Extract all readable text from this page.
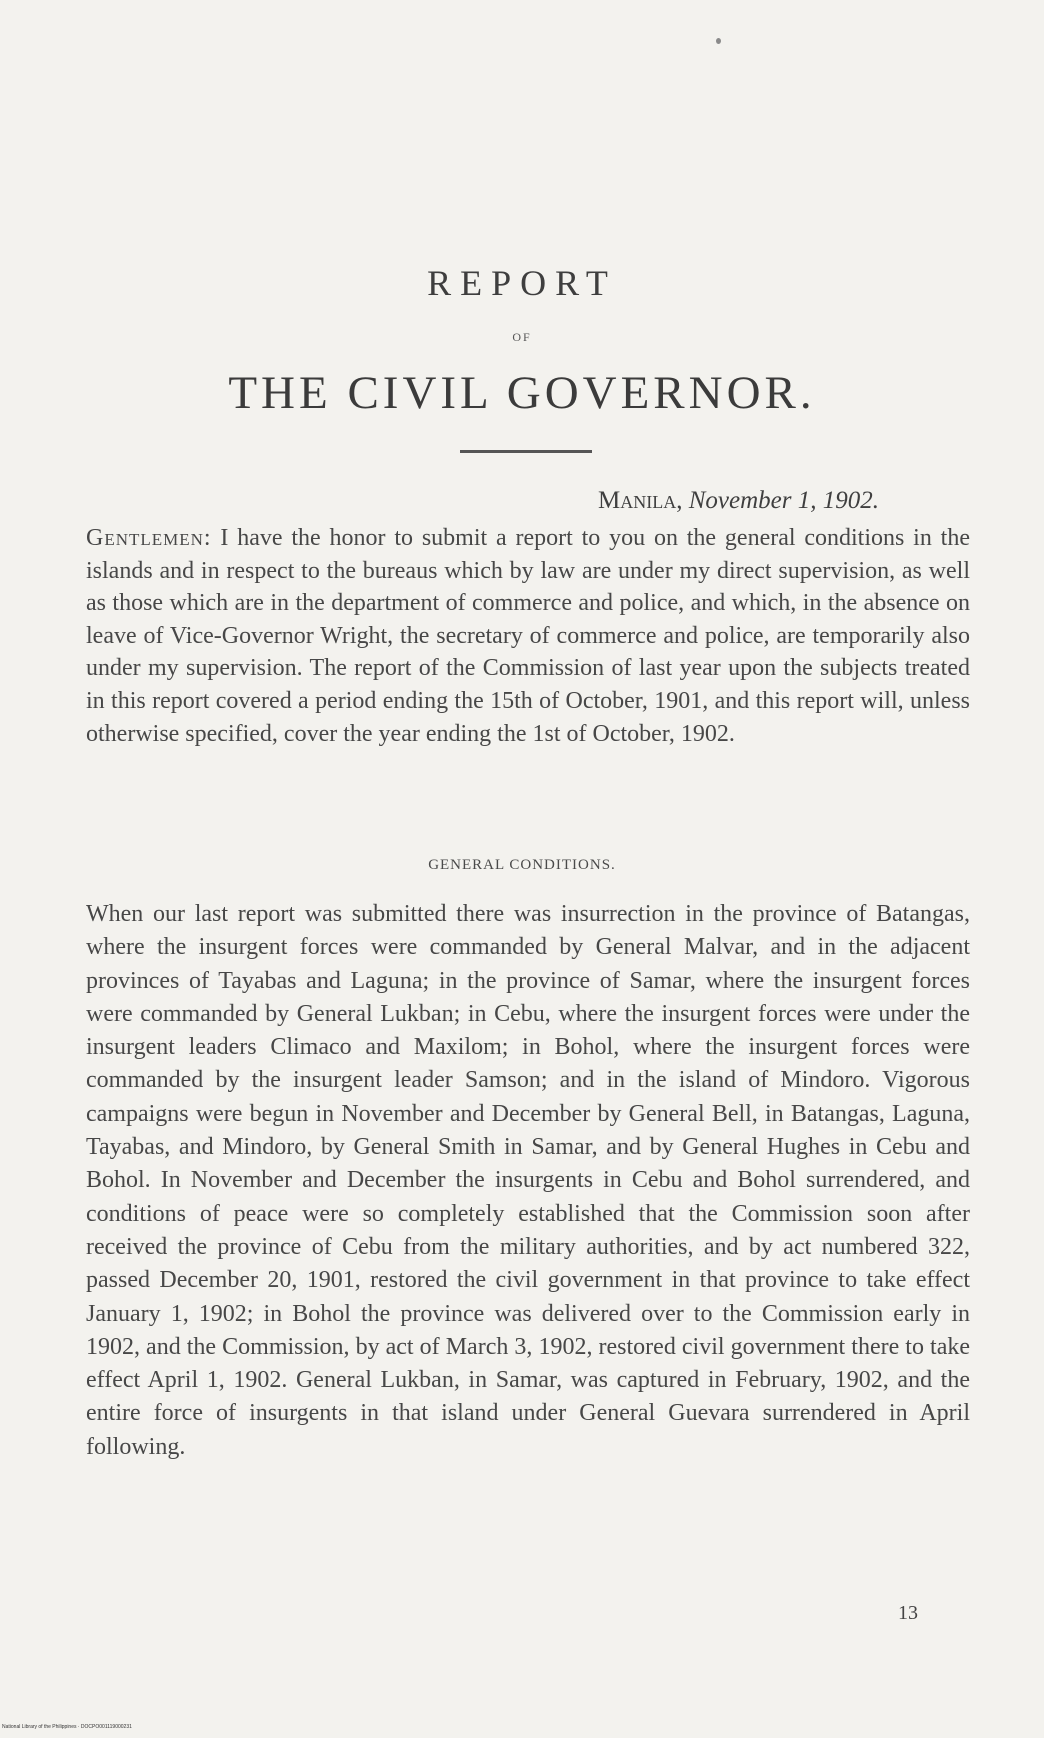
REPORT
OF
THE CIVIL GOVERNOR.
Manila, November 1, 1902.
Gentlemen: I have the honor to submit a report to you on the general conditions in the islands and in respect to the bureaus which by law are under my direct supervision, as well as those which are in the department of commerce and police, and which, in the absence on leave of Vice-Governor Wright, the secretary of commerce and police, are temporarily also under my supervision. The report of the Commission of last year upon the subjects treated in this report covered a period ending the 15th of October, 1901, and this report will, unless otherwise specified, cover the year ending the 1st of October, 1902.
GENERAL CONDITIONS.
When our last report was submitted there was insurrection in the province of Batangas, where the insurgent forces were commanded by General Malvar, and in the adjacent provinces of Tayabas and Laguna; in the province of Samar, where the insurgent forces were commanded by General Lukban; in Cebu, where the insurgent forces were under the insurgent leaders Climaco and Maxilom; in Bohol, where the insurgent forces were commanded by the insurgent leader Samson; and in the island of Mindoro. Vigorous campaigns were begun in November and December by General Bell, in Batangas, Laguna, Tayabas, and Mindoro, by General Smith in Samar, and by General Hughes in Cebu and Bohol. In November and December the insurgents in Cebu and Bohol surrendered, and conditions of peace were so completely established that the Commission soon after received the province of Cebu from the military authorities, and by act numbered 322, passed December 20, 1901, restored the civil government in that province to take effect January 1, 1902; in Bohol the province was delivered over to the Commission early in 1902, and the Commission, by act of March 3, 1902, restored civil government there to take effect April 1, 1902. General Lukban, in Samar, was captured in February, 1902, and the entire force of insurgents in that island under General Guevara surrendered in April following.
13
National Library of the Philippines · DOCPO001119000231
